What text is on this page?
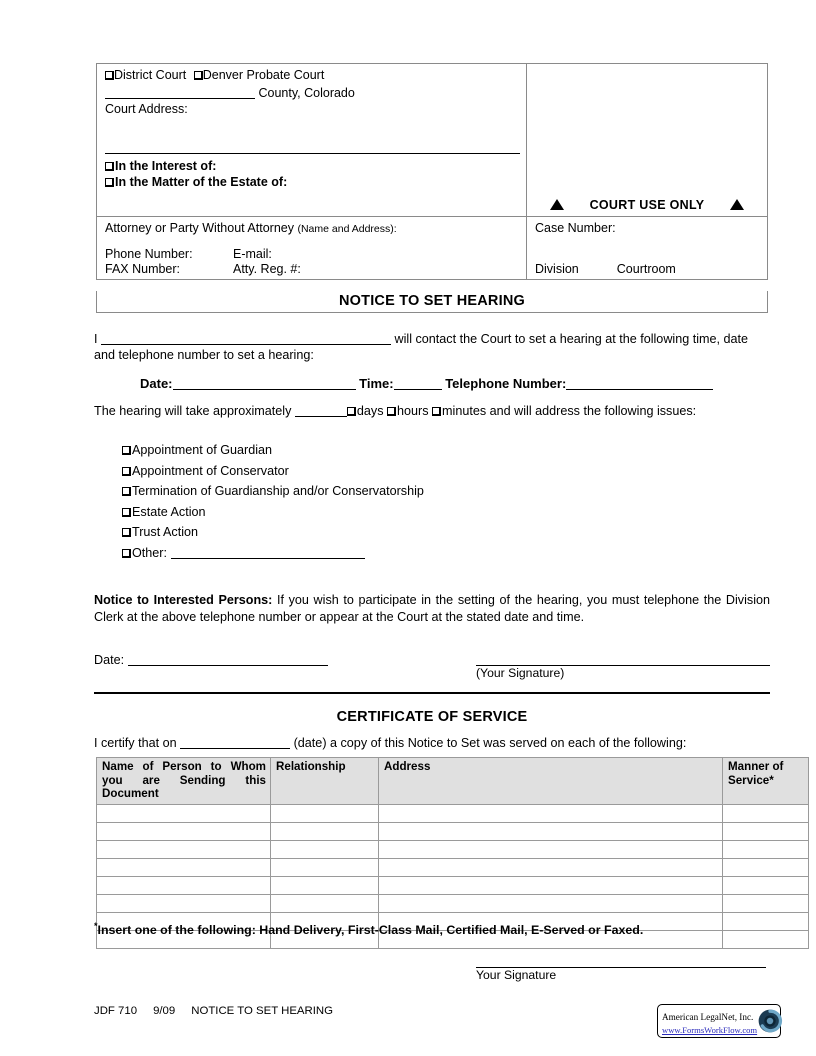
District Court Denver Probate Court
County, Colorado
Court Address:
In the Interest of:
In the Matter of the Estate of:
COURT USE ONLY
Attorney or Party Without Attorney (Name and Address):
Phone Number:	E-mail:
FAX Number:	Atty. Reg. #:
Case Number:
Division	Courtroom
NOTICE TO SET HEARING
I	will contact the Court to set a hearing at the following time, date and telephone number to set a hearing:
Date:	Time:	Telephone Number:
The hearing will take approximately	days hours minutes and will address the following issues:
Appointment of Guardian
Appointment of Conservator
Termination of Guardianship and/or Conservatorship
Estate Action
Trust Action
Other:
Notice to Interested Persons: If you wish to participate in the setting of the hearing, you must telephone the Division Clerk at the above telephone number or appear at the Court at the stated date and time.
Date:
(Your Signature)
CERTIFICATE OF SERVICE
I certify that on	(date) a copy of this Notice to Set was served on each of the following:
Name of Person to Whom you are Sending this Document	Relationship	Address	Manner of Service*

*Insert one of the following: Hand Delivery, First-Class Mail, Certified Mail, E-Served or Faxed.
Your Signature
JDF 710 9/09 NOTICE TO SET HEARING	American LegalNet, Inc.
www.FormsWorkFlow.com
